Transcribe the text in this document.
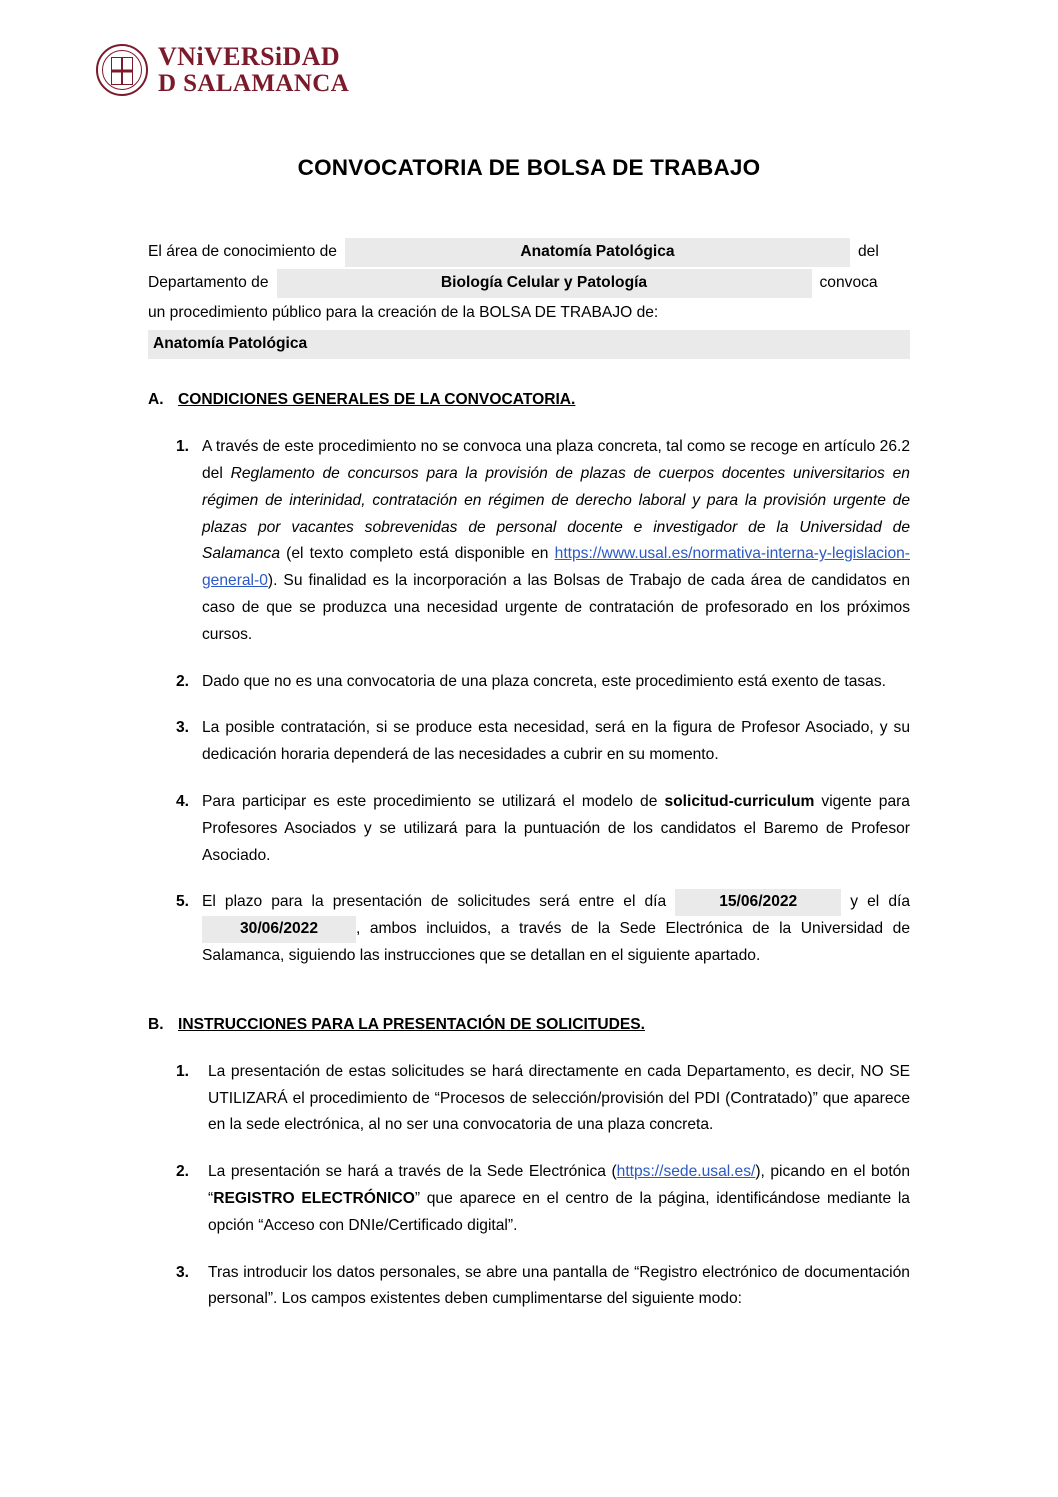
VNiVERSiDAD
D SALAMANCA
CONVOCATORIA DE BOLSA DE TRABAJO
El área de conocimiento de	Anatomía Patológica	del
Departamento de	Biología Celular y Patología	convoca
un procedimiento público para la creación de la BOLSA DE TRABAJO de:
Anatomía Patológica
A. CONDICIONES GENERALES DE LA CONVOCATORIA.
1. A través de este procedimiento no se convoca una plaza concreta, tal como se recoge en artículo 26.2 del Reglamento de concursos para la provisión de plazas de cuerpos docentes universitarios en régimen de interinidad, contratación en régimen de derecho laboral y para la provisión urgente de plazas por vacantes sobrevenidas de personal docente e investigador de la Universidad de Salamanca (el texto completo está disponible en https://www.usal.es/normativa-interna-y-legislacion-general-0). Su finalidad es la incorporación a las Bolsas de Trabajo de cada área de candidatos en caso de que se produzca una necesidad urgente de contratación de profesorado en los próximos cursos.
2. Dado que no es una convocatoria de una plaza concreta, este procedimiento está exento de tasas.
3. La posible contratación, si se produce esta necesidad, será en la figura de Profesor Asociado, y su dedicación horaria dependerá de las necesidades a cubrir en su momento.
4. Para participar es este procedimiento se utilizará el modelo de solicitud-curriculum vigente para Profesores Asociados y se utilizará para la puntuación de los candidatos el Baremo de Profesor Asociado.
5. El plazo para la presentación de solicitudes será entre el día	15/06/2022	y el día 30/06/2022 , ambos incluidos, a través de la Sede Electrónica de la Universidad de Salamanca, siguiendo las instrucciones que se detallan en el siguiente apartado.
B. INSTRUCCIONES PARA LA PRESENTACIÓN DE SOLICITUDES.
1.	La presentación de estas solicitudes se hará directamente en cada Departamento, es decir, NO SE UTILIZARÁ el procedimiento de “Procesos de selección/provisión del PDI (Contratado)” que aparece en la sede electrónica, al no ser una convocatoria de una plaza concreta.
2.	La presentación se hará a través de la Sede Electrónica (https://sede.usal.es/), picando en el botón “REGISTRO ELECTRÓNICO” que aparece en el centro de la página, identificándose mediante la opción “Acceso con DNIe/Certificado digital”.
3.	Tras introducir los datos personales, se abre una pantalla de “Registro electrónico de documentación personal”. Los campos existentes deben cumplimentarse del siguiente modo:
